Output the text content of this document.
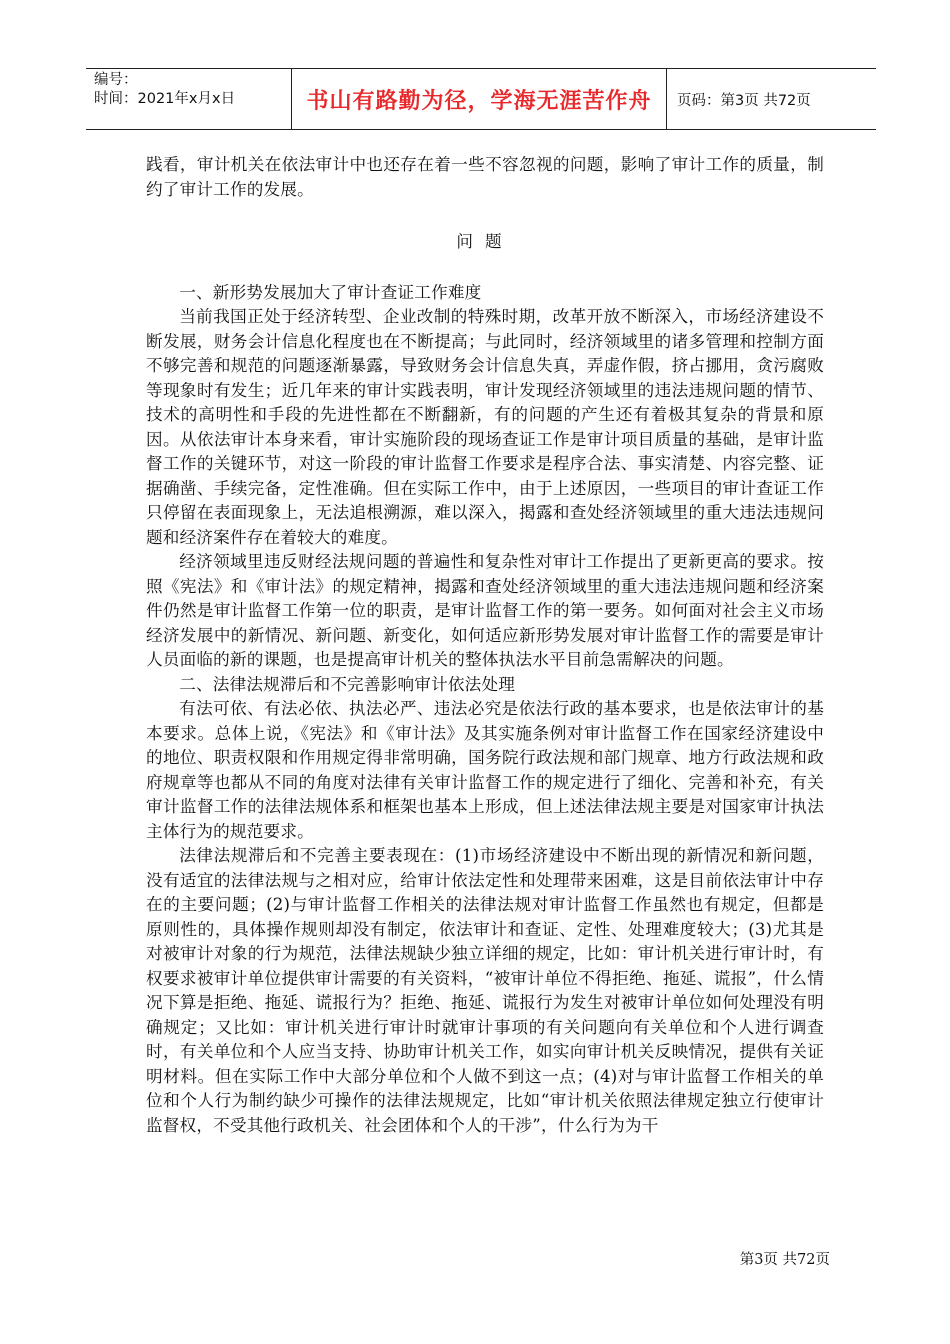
编号：
时间：2021年x月x日	书山有路勤为径，学海无涯苦作舟	页码：第3页 共72页

践看，审计机关在依法审计中也还存在着一些不容忽视的问题，影响了审计工作的质量，制约了审计工作的发展。

问题

一、新形势发展加大了审计查证工作难度

当前我国正处于经济转型、企业改制的特殊时期，改革开放不断深入，市场经济建设不断发展，财务会计信息化程度也在不断提高；与此同时，经济领域里的诸多管理和控制方面不够完善和规范的问题逐渐暴露，导致财务会计信息失真，弄虚作假，挤占挪用，贪污腐败等现象时有发生；近几年来的审计实践表明，审计发现经济领域里的违法违规问题的情节、技术的高明性和手段的先进性都在不断翻新，有的问题的产生还有着极其复杂的背景和原因。从依法审计本身来看，审计实施阶段的现场查证工作是审计项目质量的基础，是审计监督工作的关键环节，对这一阶段的审计监督工作要求是程序合法、事实清楚、内容完整、证据确凿、手续完备，定性准确。但在实际工作中，由于上述原因，一些项目的审计查证工作只停留在表面现象上，无法追根溯源，难以深入，揭露和查处经济领域里的重大违法违规问题和经济案件存在着较大的难度。

经济领域里违反财经法规问题的普遍性和复杂性对审计工作提出了更新更高的要求。按照《宪法》和《审计法》的规定精神，揭露和查处经济领域里的重大违法违规问题和经济案件仍然是审计监督工作第一位的职责，是审计监督工作的第一要务。如何面对社会主义市场经济发展中的新情况、新问题、新变化，如何适应新形势发展对审计监督工作的需要是审计人员面临的新的课题，也是提高审计机关的整体执法水平目前急需解决的问题。

二、法律法规滞后和不完善影响审计依法处理

有法可依、有法必依、执法必严、违法必究是依法行政的基本要求，也是依法审计的基本要求。总体上说，《宪法》和《审计法》及其实施条例对审计监督工作在国家经济建设中的地位、职责权限和作用规定得非常明确，国务院行政法规和部门规章、地方行政法规和政府规章等也都从不同的角度对法律有关审计监督工作的规定进行了细化、完善和补充，有关审计监督工作的法律法规体系和框架也基本上形成，但上述法律法规主要是对国家审计执法主体行为的规范要求。

法律法规滞后和不完善主要表现在：(1)市场经济建设中不断出现的新情况和新问题，没有适宜的法律法规与之相对应，给审计依法定性和处理带来困难，这是目前依法审计中存在的主要问题；(2)与审计监督工作相关的法律法规对审计监督工作虽然也有规定，但都是原则性的，具体操作规则却没有制定，依法审计和查证、定性、处理难度较大；(3)尤其是对被审计对象的行为规范，法律法规缺少独立详细的规定，比如：审计机关进行审计时，有权要求被审计单位提供审计需要的有关资料，“被审计单位不得拒绝、拖延、谎报”，什么情况下算是拒绝、拖延、谎报行为？拒绝、拖延、谎报行为发生对被审计单位如何处理没有明确规定；又比如：审计机关进行审计时就审计事项的有关问题向有关单位和个人进行调查时，有关单位和个人应当支持、协助审计机关工作，如实向审计机关反映情况，提供有关证明材料。但在实际工作中大部分单位和个人做不到这一点；(4)对与审计监督工作相关的单位和个人行为制约缺少可操作的法律法规规定，比如“审计机关依照法律规定独立行使审计监督权，不受其他行政机关、社会团体和个人的干涉”，什么行为为干

第3页 共72页
